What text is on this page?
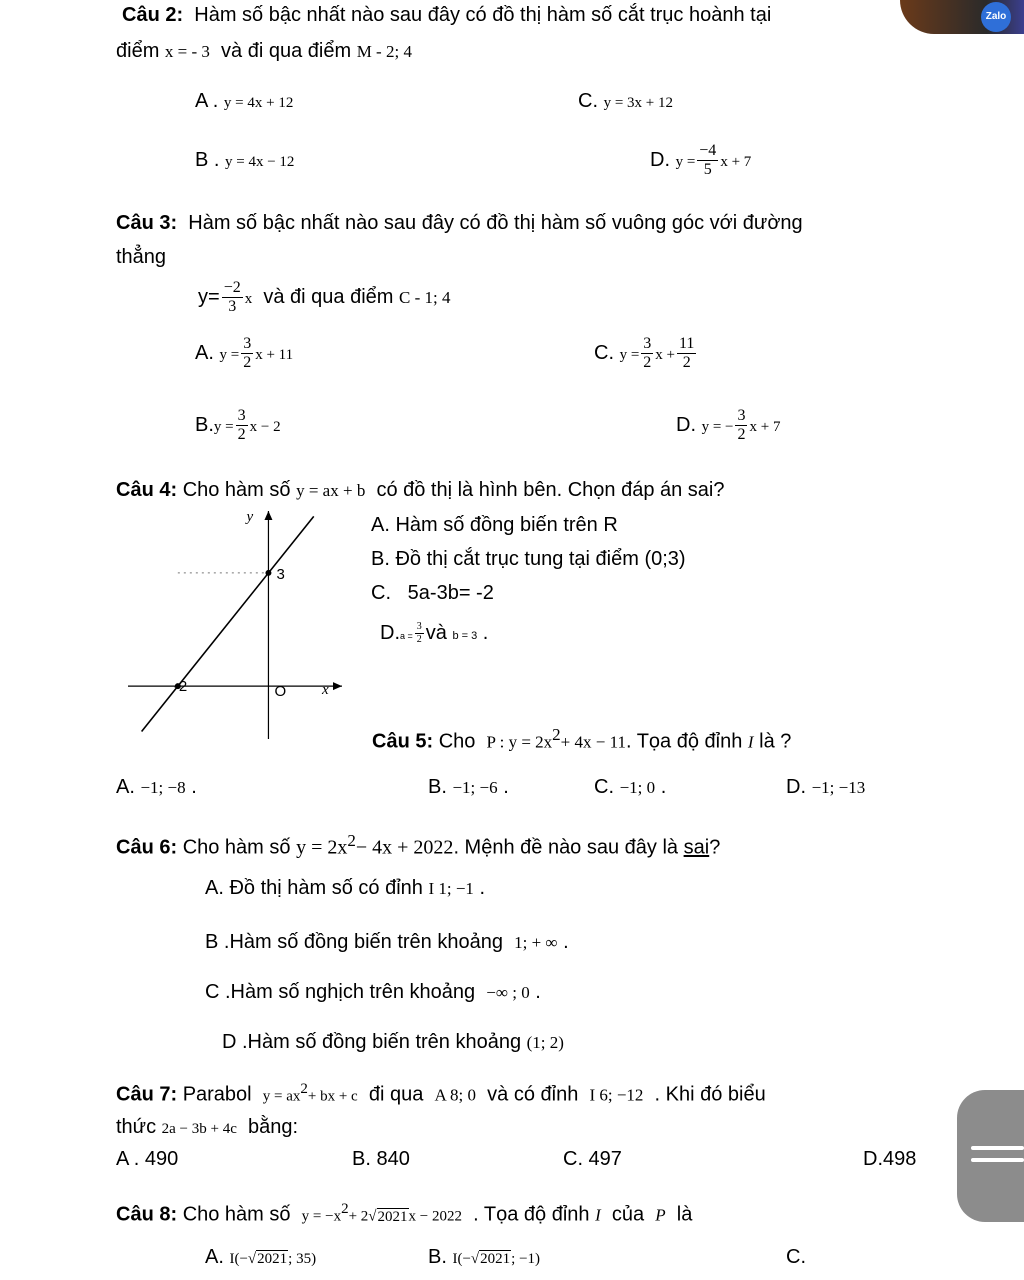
Zalo
Câu 2: Hàm số bậc nhất nào sau đây có đồ thị hàm số cắt trục hoành tại
điểm x = - 3 và đi qua điểm M - 2; 4
A . y = 4x + 12	C. y = 3x + 12
B . y = 4x − 12	D. $y = \frac{-4}{5}$ x + 7
Câu 3: Hàm số bậc nhất nào sau đây có đồ thị hàm số vuông góc với đường
thẳng
$y= \frac{-2}{3}$ x và đi qua điểm C - 1; 4
A. $y = \frac{3}{2}$ x + 11	C. $y = \frac{3}{2}$ $x + \frac{11}{2}$
$B.y = \frac{3}{2}$ x − 2	D. y = − $\frac{3}{2}$ x + 7
Câu 4: Cho hàm số y = ax + b có đồ thị là hình bên. Chọn đáp án sai?
A. Hàm số đồng biến trên R
B. Đồ thị cắt trục tung tại điểm (0;3)
C. 5a-3b= -2
$D.a = \frac{3}{2}$ và b = 3 .
3
-2	O x
y
Câu 5: Cho P : $y = 2x^2+ 4x - 11$. Tọa độ đỉnh I là ?
A. −1; −8 .	B. −1; −6 .	C. −1; 0 .	D. −1; −13
Câu 6: Cho hàm số $y = 2x^2- 4x + 2022$. Mệnh đề nào sau đây là sai?
A. Đồ thị hàm số có đỉnh I 1; −1 .
B .Hàm số đồng biến trên khoảng 1; + ∞ .
C .Hàm số nghịch trên khoảng −∞ ; 0 .
D .Hàm số đồng biến trên khoảng (1; 2)
Câu 7: Parabol $y = ax^2+$ bx + c đi qua A 8; 0 và có đỉnh I 6; −12 . Khi đó biểu
thức 2a − 3b + 4c bằng:
A . 490	B. 840	C. 497	D.498
Câu 8: Cho hàm số $y = -x^2+ 2√2021x - 2022$ . Tọa độ đỉnh I của P là
A. I(−√2021; 35)	B. I(−√2021; −1)	C.
